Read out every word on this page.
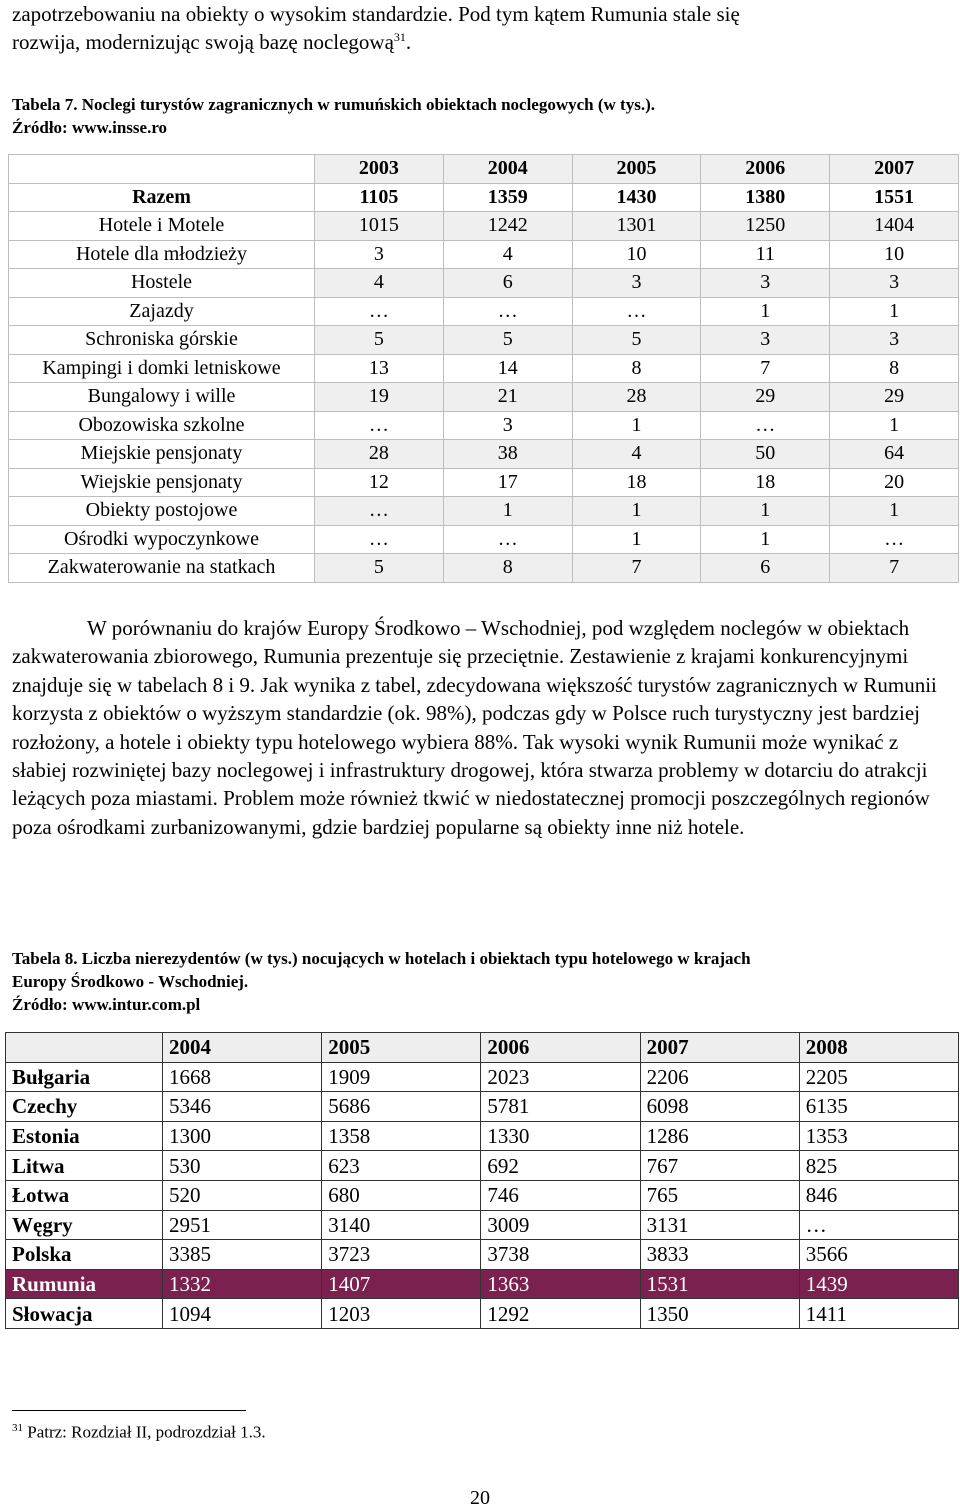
zapotrzebowaniu na obiekty o wysokim standardzie. Pod tym kątem Rumunia stale się
rozwija, modernizując swoją bazę noclegową$^{31}$.
Tabela 7. Noclegi turystów zagranicznych w rumuńskich obiektach noclegowych (w tys.).
Źródło: www.insse.ro
	2003	2004	2005	2006	2007
Razem	1105	1359	1430	1380	1551
Hotele i Motele	1015	1242	1301	1250	1404
Hotele dla młodzieży	3	4	10	11	10
Hostele	4	6	3	3	3
Zajazdy	…	…	…	1	1
Schroniska górskie	5	5	5	3	3
Kampingi i domki letniskowe	13	14	8	7	8
Bungalowy i wille	19	21	28	29	29
Obozowiska szkolne	…	3	1	…	1
Miejskie pensjonaty	28	38	4	50	64
Wiejskie pensjonaty	12	17	18	18	20
Obiekty postojowe	…	1	1	1	1
Ośrodki wypoczynkowe	…	…	1	1	…
Zakwaterowanie na statkach	5	8	7	6	7
W porównaniu do krajów Europy Środkowo – Wschodniej, pod względem noclegów w obiektach zakwaterowania zbiorowego, Rumunia prezentuje się przeciętnie. Zestawienie z krajami konkurencyjnymi znajduje się w tabelach 8 i 9. Jak wynika z tabel, zdecydowana większość turystów zagranicznych w Rumunii korzysta z obiektów o wyższym standardzie (ok. 98%), podczas gdy w Polsce ruch turystyczny jest bardziej rozłożony, a hotele i obiekty typu hotelowego wybiera 88%. Tak wysoki wynik Rumunii może wynikać z słabiej rozwiniętej bazy noclegowej i infrastruktury drogowej, która stwarza problemy w dotarciu do atrakcji leżących poza miastami. Problem może również tkwić w niedostatecznej promocji poszczególnych regionów poza ośrodkami zurbanizowanymi, gdzie bardziej popularne są obiekty inne niż hotele.
Tabela 8. Liczba nierezydentów (w tys.) nocujących w hotelach i obiektach typu hotelowego w krajach
Europy Środkowo - Wschodniej.
Źródło: www.intur.com.pl
	2004	2005	2006	2007	2008
Bułgaria	1668	1909	2023	2206	2205
Czechy	5346	5686	5781	6098	6135
Estonia	1300	1358	1330	1286	1353
Litwa	530	623	692	767	825
Łotwa	520	680	746	765	846
Węgry	2951	3140	3009	3131	…
Polska	3385	3723	3738	3833	3566
Rumunia	1332	1407	1363	1531	1439
Słowacja	1094	1203	1292	1350	1411
$^{31}$ Patrz: Rozdział II, podrozdział 1.3.
20
